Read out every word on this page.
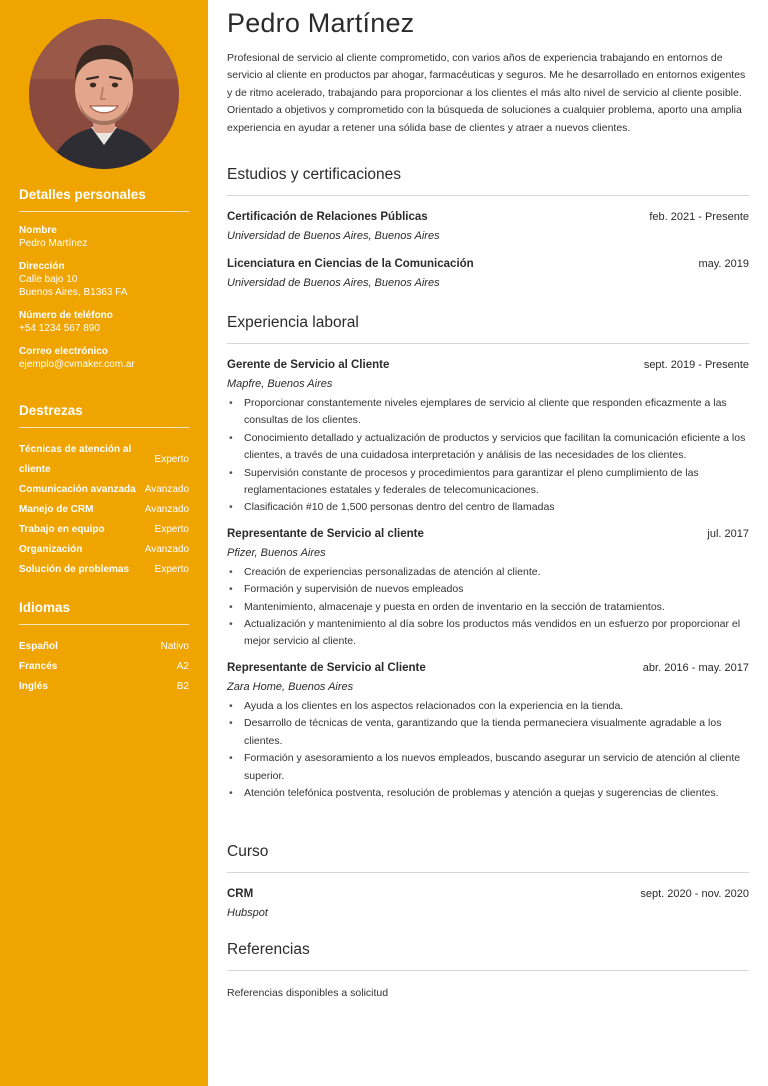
Detalles personales
Nombre
Pedro Martínez
Dirección
Calle bajo 10
Buenos Aires, B1363 FA
Número de teléfono
+54 1234 567 890
Correo electrónico
ejemplo@cvmaker.com.ar
Destrezas
Técnicas de atención al cliente
Experto
Comunicación avanzada Avanzado
Manejo de CRM	Avanzado
Trabajo en equipo	Experto
Organización	Avanzado
Solución de problemas	Experto
Idiomas
Español	Nativo
Francés	A2
Inglés	B2
Pedro Martínez

Profesional de servicio al cliente comprometido, con varios años de experiencia trabajando en entornos de servicio al cliente en productos par ahogar, farmacéuticas y seguros. Me he desarrollado en entornos exigentes y de ritmo acelerado, trabajando para proporcionar a los clientes el más alto nivel de servicio al cliente posible. Orientado a objetivos y comprometido con la búsqueda de soluciones a cualquier problema, aporto una amplia experiencia en ayudar a retener una sólida base de clientes y atraer a nuevos clientes.

Estudios y certificaciones
Certificación de Relaciones Públicas	feb. 2021 - Presente
Universidad de Buenos Aires, Buenos Aires
Licenciatura en Ciencias de la Comunicación	may. 2019
Universidad de Buenos Aires, Buenos Aires
Experiencia laboral
Gerente de Servicio al Cliente	sept. 2019 - Presente
Mapfre, Buenos Aires
• Proporcionar constantemente niveles ejemplares de servicio al cliente que responden eficazmente a las consultas de los clientes.
• Conocimiento detallado y actualización de productos y servicios que facilitan la comunicación eficiente a los clientes, a través de una cuidadosa interpretación y análisis de las necesidades de los clientes.
• Supervisión constante de procesos y procedimientos para garantizar el pleno cumplimiento de las reglamentaciones estatales y federales de telecomunicaciones.
• Clasificación #10 de 1,500 personas dentro del centro de llamadas
Representante de Servicio al cliente	jul. 2017
Pfizer, Buenos Aires
• Creación de experiencias personalizadas de atención al cliente.
• Formación y supervisión de nuevos empleados
• Mantenimiento, almacenaje y puesta en orden de inventario en la sección de tratamientos.
• Actualización y mantenimiento al día sobre los productos más vendidos en un esfuerzo por proporcionar el mejor servicio al cliente.
Representante de Servicio al Cliente	abr. 2016 - may. 2017
Zara Home, Buenos Aires
• Ayuda a los clientes en los aspectos relacionados con la experiencia en la tienda.
• Desarrollo de técnicas de venta, garantizando que la tienda permaneciera visualmente agradable a los clientes.
• Formación y asesoramiento a los nuevos empleados, buscando asegurar un servicio de atención al cliente superior.
• Atención telefónica postventa, resolución de problemas y atención a quejas y sugerencias de clientes.
Curso
CRM	sept. 2020 - nov. 2020
Hubspot
Referencias
Referencias disponibles a solicitud
